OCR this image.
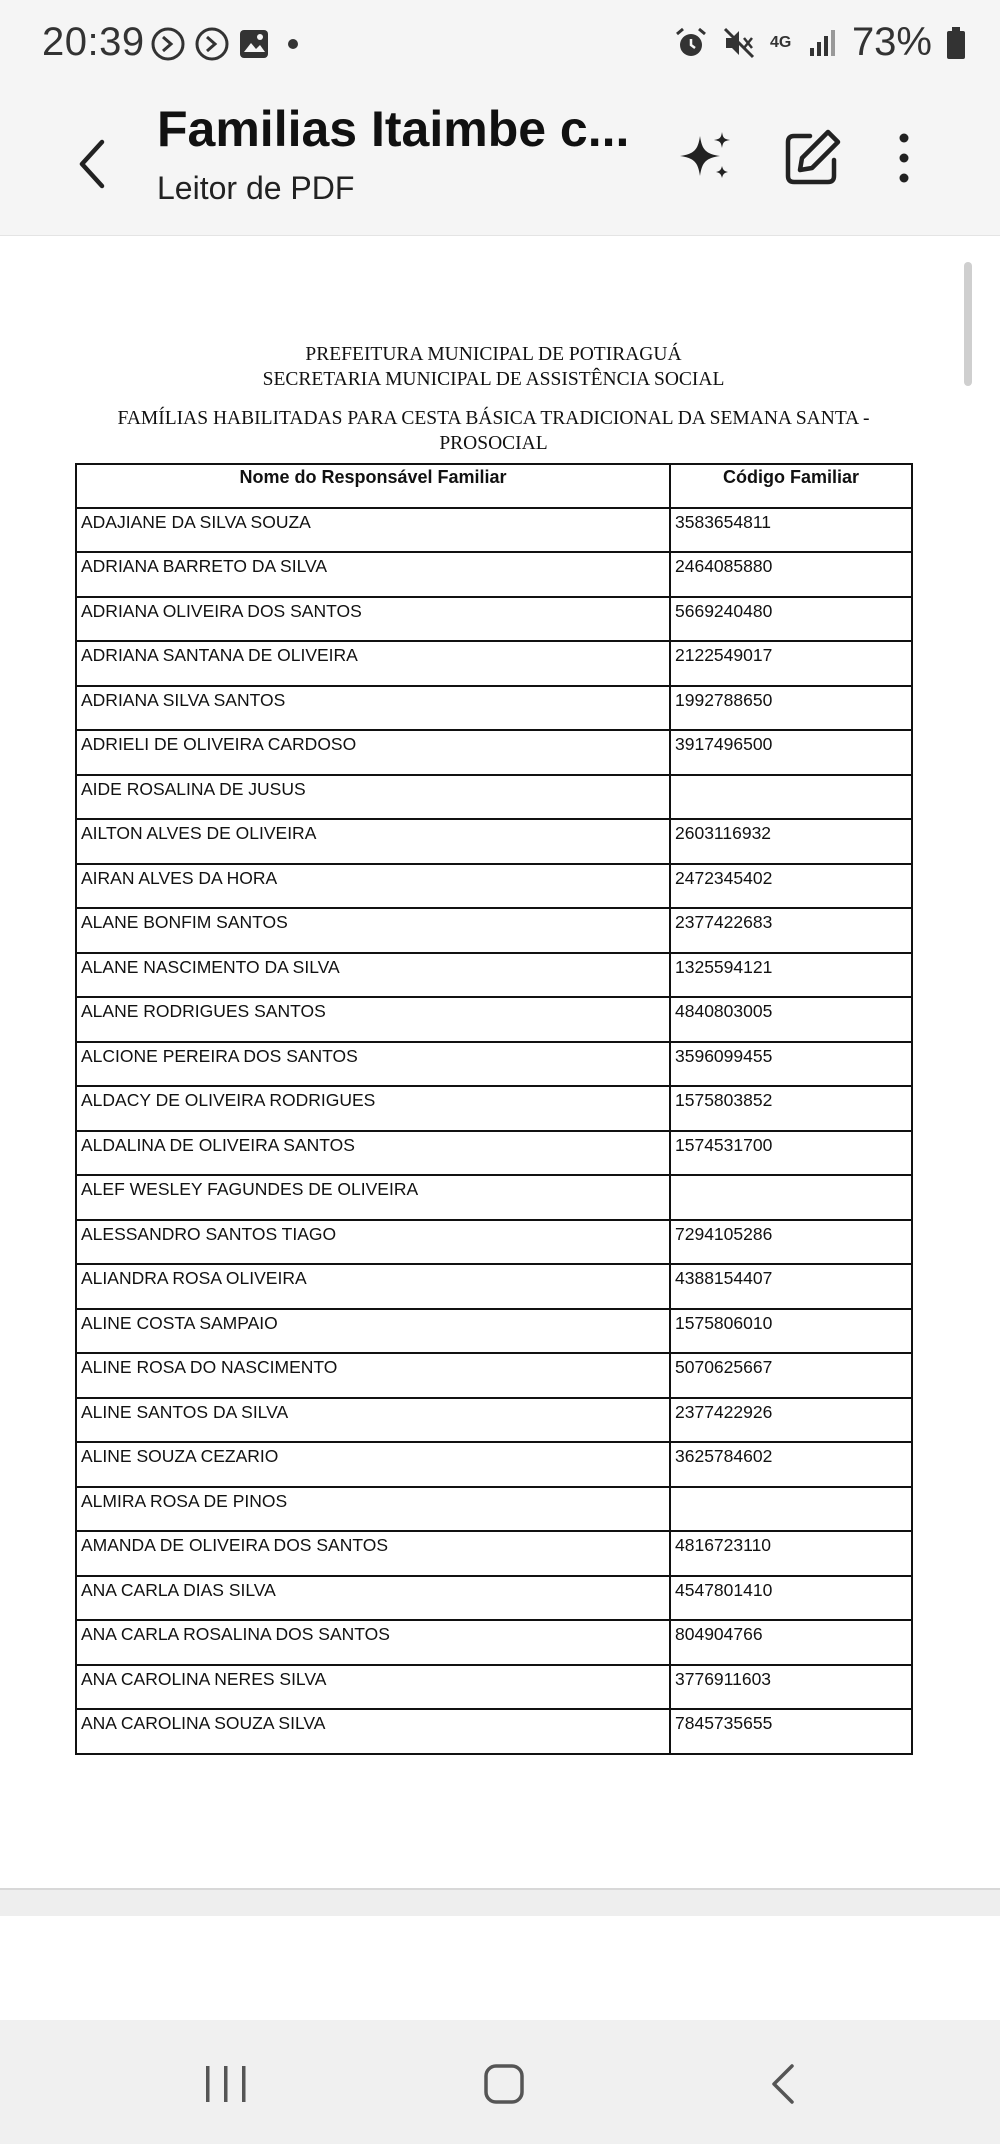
20:39	4G 73%
Familias Itaimbe c...
Leitor de PDF
PREFEITURA MUNICIPAL DE POTIRAGUÁ
SECRETARIA MUNICIPAL DE ASSISTÊNCIA SOCIAL
FAMÍLIAS HABILITADAS PARA CESTA BÁSICA TRADICIONAL DA SEMANA SANTA -
PROSOCIAL
Nome do Responsável Familiar	Código Familiar
ADAJIANE DA SILVA SOUZA	3583654811
ADRIANA BARRETO DA SILVA	2464085880
ADRIANA OLIVEIRA DOS SANTOS	5669240480
ADRIANA SANTANA DE OLIVEIRA	2122549017
ADRIANA SILVA SANTOS	1992788650
ADRIELI DE OLIVEIRA CARDOSO	3917496500
AIDE ROSALINA DE JUSUS	
AILTON ALVES DE OLIVEIRA	2603116932
AIRAN ALVES DA HORA	2472345402
ALANE BONFIM SANTOS	2377422683
ALANE NASCIMENTO DA SILVA	1325594121
ALANE RODRIGUES SANTOS	4840803005
ALCIONE PEREIRA DOS SANTOS	3596099455
ALDACY DE OLIVEIRA RODRIGUES	1575803852
ALDALINA DE OLIVEIRA SANTOS	1574531700
ALEF WESLEY FAGUNDES DE OLIVEIRA	
ALESSANDRO SANTOS TIAGO	7294105286
ALIANDRA ROSA OLIVEIRA	4388154407
ALINE COSTA SAMPAIO	1575806010
ALINE ROSA DO NASCIMENTO	5070625667
ALINE SANTOS DA SILVA	2377422926
ALINE SOUZA CEZARIO	3625784602
ALMIRA ROSA DE PINOS	
AMANDA DE OLIVEIRA DOS SANTOS	4816723110
ANA CARLA DIAS SILVA	4547801410
ANA CARLA ROSALINA DOS SANTOS	804904766
ANA CAROLINA NERES SILVA	3776911603
ANA CAROLINA SOUZA SILVA	7845735655
